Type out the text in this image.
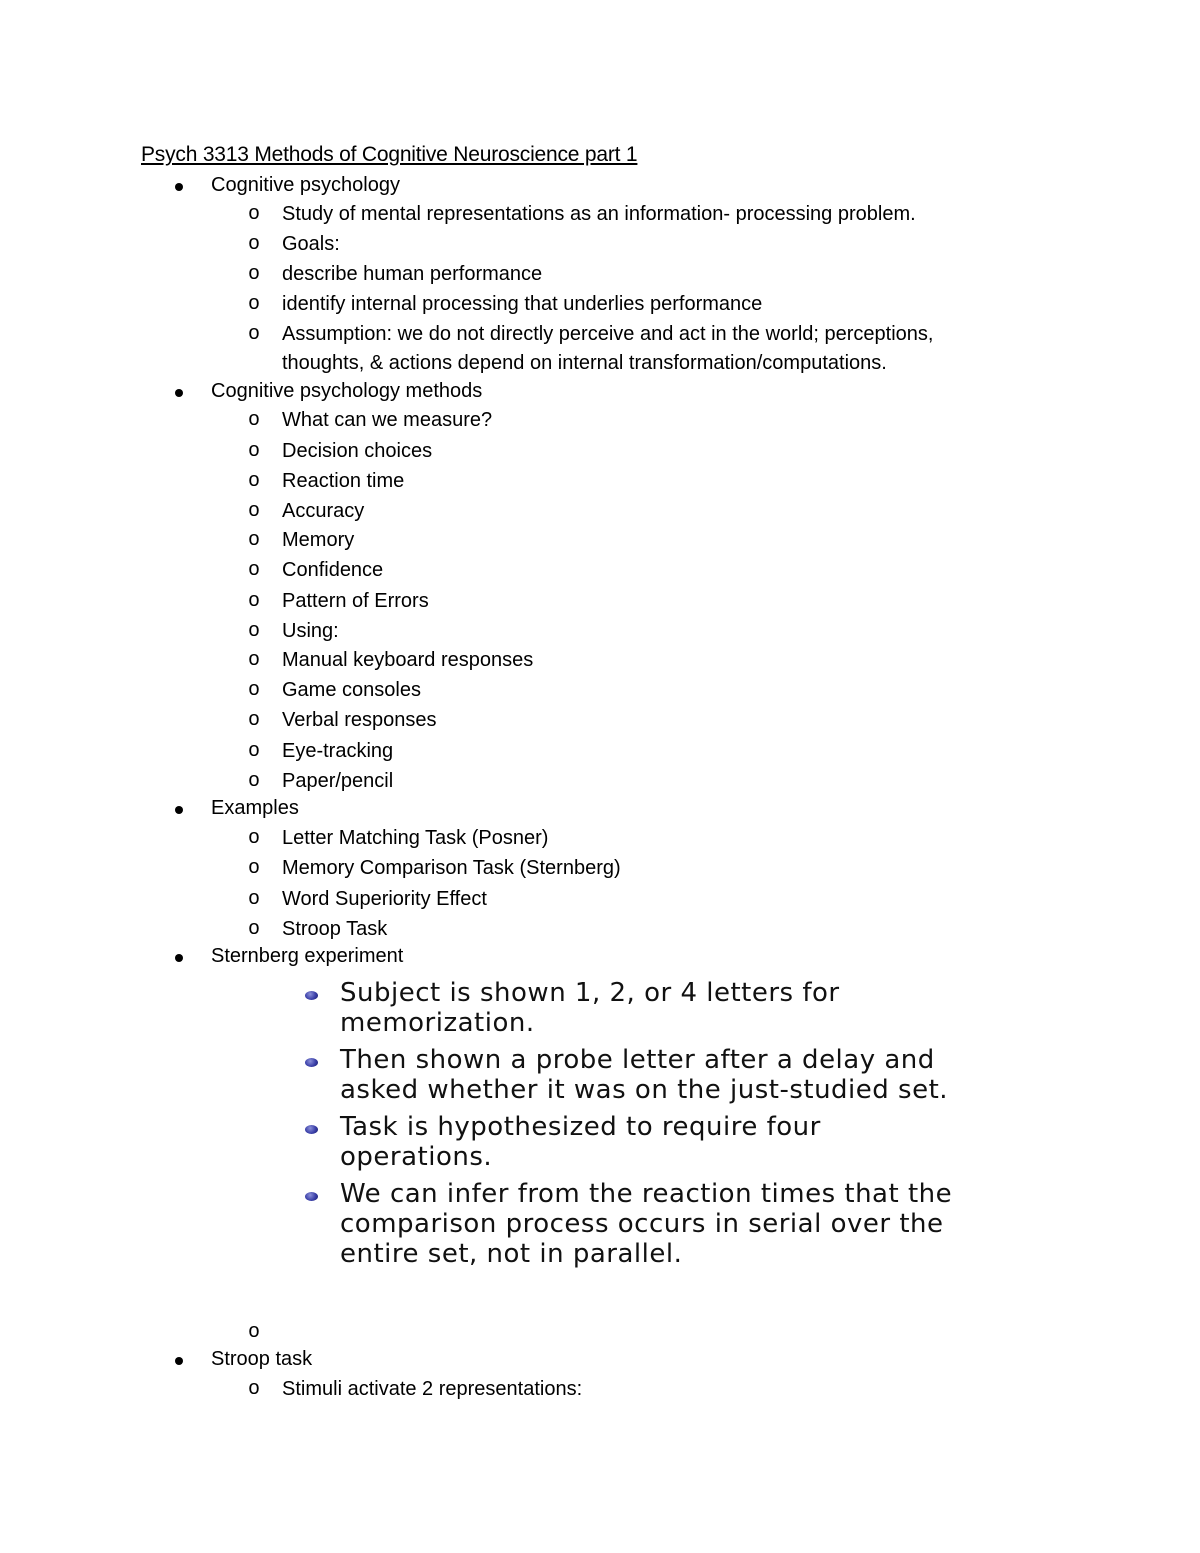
Psych 3313 Methods of Cognitive Neuroscience part 1
Cognitive psychology
o Study of mental representations as an information- processing problem.
o Goals:
o describe human performance
o identify internal processing that underlies performance
o Assumption: we do not directly perceive and act in the world; perceptions, thoughts, & actions depend on internal transformation/computations.
Cognitive psychology methods
o What can we measure?
o Decision choices
o Reaction time
o Accuracy
o Memory
o Confidence
o Pattern of Errors
o Using:
o Manual keyboard responses
o Game consoles
o Verbal responses
o Eye-tracking
o Paper/pencil
Examples
o Letter Matching Task (Posner)
o Memory Comparison Task (Sternberg)
o Word Superiority Effect
o Stroop Task
Sternberg experiment
Subject is shown 1, 2, or 4 letters for memorization.
Then shown a probe letter after a delay and asked whether it was on the just-studied set.
Task is hypothesized to require four operations.
We can infer from the reaction times that the comparison process occurs in serial over the entire set, not in parallel.
Stroop task
o Stimuli activate 2 representations:
